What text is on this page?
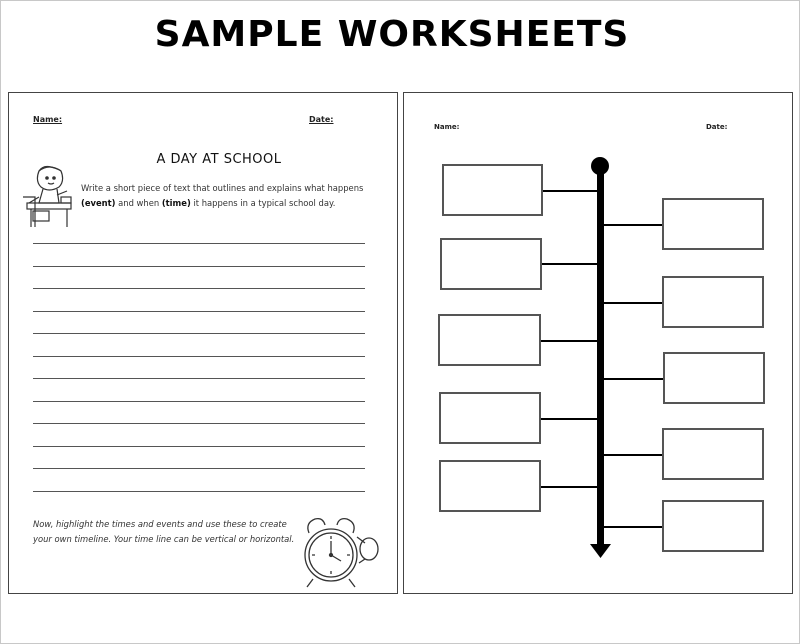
SAMPLE WORKSHEETS
Name:	Date:
A DAY AT SCHOOL
Write a short piece of text that outlines and explains what happens (event) and when (time) it happens in a typical school day.
Now, highlight the times and events and use these to create your own timeline. Your time line can be vertical or horizontal.
Name:	Date:
